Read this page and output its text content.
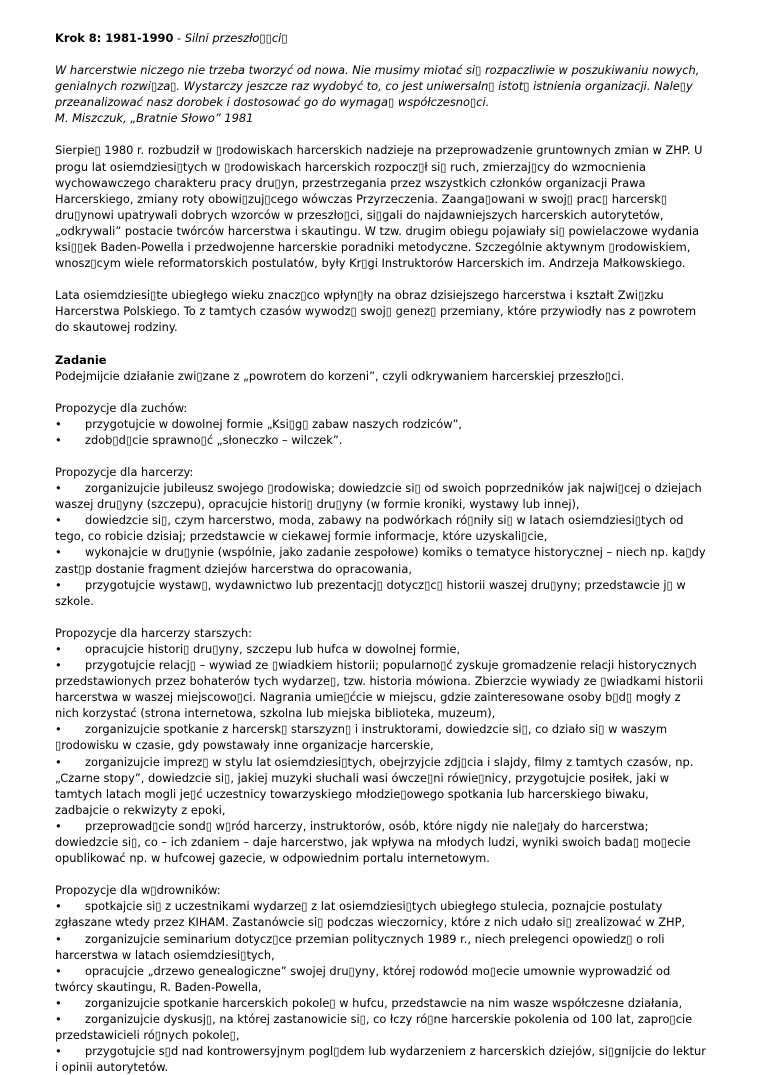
Krok 8: 1981-1990 - Silni przeszło▯▯ci▯

W harcerstwie niczego nie trzeba tworzyć od nowa. Nie musimy miotać si▯ rozpaczliwie w poszukiwaniu nowych, genialnych rozwi▯za▯. Wystarczy jeszcze raz wydobyć to, co jest uniwersaln▯ istot▯ istnienia organizacji. Nale▯y przeanalizować nasz dorobek i dostosować go do wymaga▯ współczesno▯ci.
M. Miszczuk, „Bratnie Słowo” 1981

Sierpie▯ 1980 r. rozbudził w ▯rodowiskach harcerskich nadzieje na przeprowadzenie gruntownych zmian w ZHP. U progu lat osiemdziesi▯tych w ▯rodowiskach harcerskich rozpocz▯ł si▯ ruch, zmierzaj▯cy do wzmocnienia wychowawczego charakteru pracy dru▯yn, przestrzegania przez wszystkich członków organizacji Prawa Harcerskiego, zmiany roty obowi▯zuj▯cego wówczas Przyrzeczenia. Zaanga▯owani w swoj▯ prac▯ harcersk▯ dru▯ynowi upatrywali dobrych wzorców w przeszło▯ci, si▯gali do najdawniejszych harcerskich autorytetów, „odkrywali” postacie twórców harcerstwa i skautingu. W tzw. drugim obiegu pojawiały si▯ powielaczowe wydania ksi▯▯ek Baden-Powella i przedwojenne harcerskie poradniki metodyczne. Szczególnie aktywnym ▯rodowiskiem, wnosz▯cym wiele reformatorskich postulatów, były Kr▯gi Instruktorów Harcerskich im. Andrzeja Małkowskiego.

Lata osiemdziesi▯te ubiegłego wieku znacz▯co wpłyn▯ły na obraz dzisiejszego harcerstwa i kształt Zwi▯zku Harcerstwa Polskiego. To z tamtych czasów wywodz▯ swoj▯ genez▯ przemiany, które przywiodły nas z powrotem do skautowej rodziny.

Zadanie
Podejmijcie działanie zwi▯zane z „powrotem do korzeni”, czyli odkrywaniem harcerskiej przeszło▯ci.

Propozycje dla zuchów:
• przygotujcie w dowolnej formie „Ksi▯g▯ zabaw naszych rodziców”,
• zdob▯d▯cie sprawno▯ć „słoneczko – wilczek”.

Propozycje dla harcerzy:
• zorganizujcie jubileusz swojego ▯rodowiska; dowiedzcie si▯ od swoich poprzedników jak najwi▯cej o dziejach waszej dru▯yny (szczepu), opracujcie histori▯ dru▯yny (w formie kroniki, wystawy lub innej),
• dowiedzcie si▯, czym harcerstwo, moda, zabawy na podwórkach ró▯niły si▯ w latach osiemdziesi▯tych od tego, co robicie dzisiaj; przedstawcie w ciekawej formie informacje, które uzyskali▯cie,
• wykonajcie w dru▯ynie (wspólnie, jako zadanie zespołowe) komiks o tematyce historycznej – niech np. ka▯dy zast▯p dostanie fragment dziejów harcerstwa do opracowania,
• przygotujcie wystaw▯, wydawnictwo lub prezentacj▯ dotycz▯c▯ historii waszej dru▯yny; przedstawcie j▯ w szkole.

Propozycje dla harcerzy starszych:
• opracujcie histori▯ dru▯yny, szczepu lub hufca w dowolnej formie,
• przygotujcie relacj▯ – wywiad ze ▯wiadkiem historii; popularno▯ć zyskuje gromadzenie relacji historycznych przedstawionych przez bohaterów tych wydarze▯, tzw. historia mówiona. Zbierzcie wywiady ze ▯wiadkami historii harcerstwa w waszej miejscowo▯ci. Nagrania umie▯ćcie w miejscu, gdzie zainteresowane osoby b▯d▯ mogły z nich korzystać (strona internetowa, szkolna lub miejska biblioteka, muzeum),
• zorganizujcie spotkanie z harcersk▯ starszyzn▯ i instruktorami, dowiedzcie si▯, co działo si▯ w waszym ▯rodowisku w czasie, gdy powstawały inne organizacje harcerskie,
• zorganizujcie imprez▯ w stylu lat osiemdziesi▯tych, obejrzyjcie zdj▯cia i slajdy, filmy z tamtych czasów, np. „Czarne stopy”, dowiedzcie si▯, jakiej muzyki słuchali wasi ówcze▯ni rówie▯nicy, przygotujcie posiłek, jaki w tamtych latach mogli je▯ć uczestnicy towarzyskiego młodzie▯owego spotkania lub harcerskiego biwaku, zadbajcie o rekwizyty z epoki,
• przeprowad▯cie sond▯ w▯ród harcerzy, instruktorów, osób, które nigdy nie nale▯ały do harcerstwa; dowiedzcie si▯, co – ich zdaniem – daje harcerstwo, jak wpływa na młodych ludzi, wyniki swoich bada▯ mo▯ecie opublikować np. w hufcowej gazecie, w odpowiednim portalu internetowym.

Propozycje dla w▯drowników:
• spotkajcie si▯ z uczestnikami wydarze▯ z lat osiemdziesi▯tych ubiegłego stulecia, poznajcie postulaty zgłaszane wtedy przez KIHAM. Zastanówcie si▯ podczas wieczornicy, które z nich udało si▯ zrealizować w ZHP,
• zorganizujcie seminarium dotycz▯ce przemian politycznych 1989 r., niech prelegenci opowiedz▯ o roli harcerstwa w latach osiemdziesi▯tych,
• opracujcie „drzewo genealogiczne” swojej dru▯yny, której rodowód mo▯ecie umownie wyprowadzić od twórcy skautingu, R. Baden-Powella,
• zorganizujcie spotkanie harcerskich pokole▯ w hufcu, przedstawcie na nim wasze współczesne działania,
• zorganizujcie dyskusj▯, na której zastanowicie si▯, co łczy ró▯ne harcerskie pokolenia od 100 lat, zapro▯cie przedstawicieli ró▯nych pokole▯,
• przygotujcie s▯d nad kontrowersyjnym pogl▯dem lub wydarzeniem z harcerskich dziejów, si▯gnijcie do lektur i opinii autorytetów.
